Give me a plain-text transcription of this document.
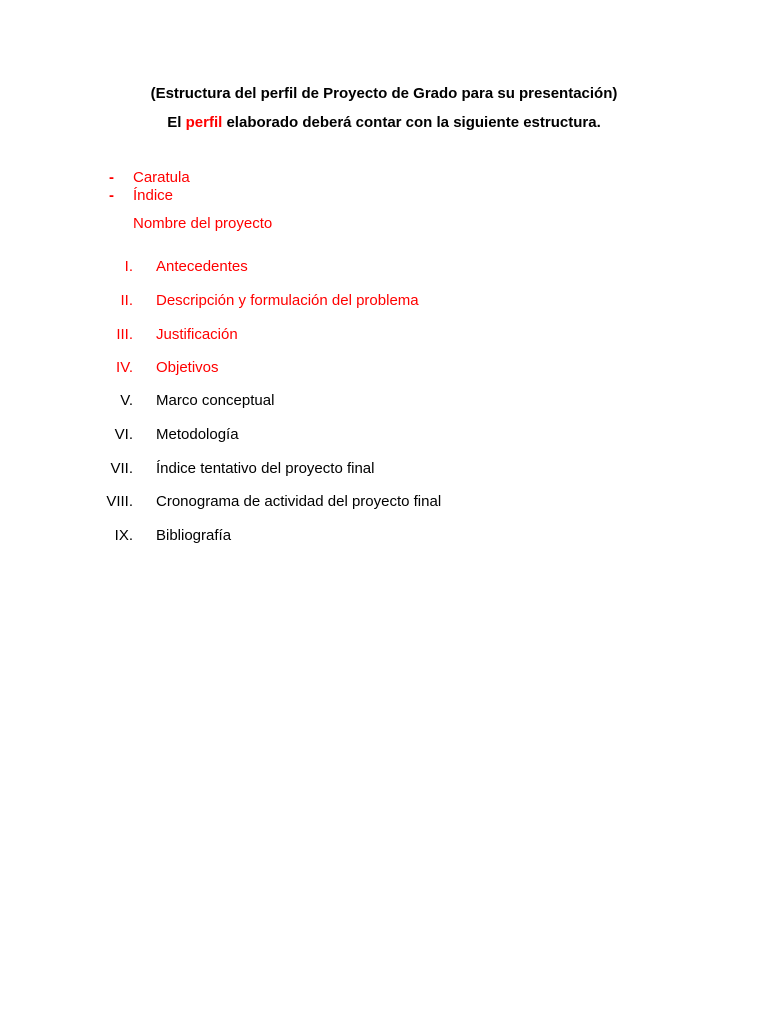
(Estructura del perfil de Proyecto de Grado para su presentación)
El perfil elaborado deberá contar con la siguiente estructura.
- Caratula
- Índice
Nombre del proyecto
I. Antecedentes
II. Descripción y formulación del problema
III. Justificación
IV. Objetivos
V. Marco conceptual
VI. Metodología
VII. Índice tentativo del proyecto final
VIII. Cronograma de actividad del proyecto final
IX. Bibliografía
